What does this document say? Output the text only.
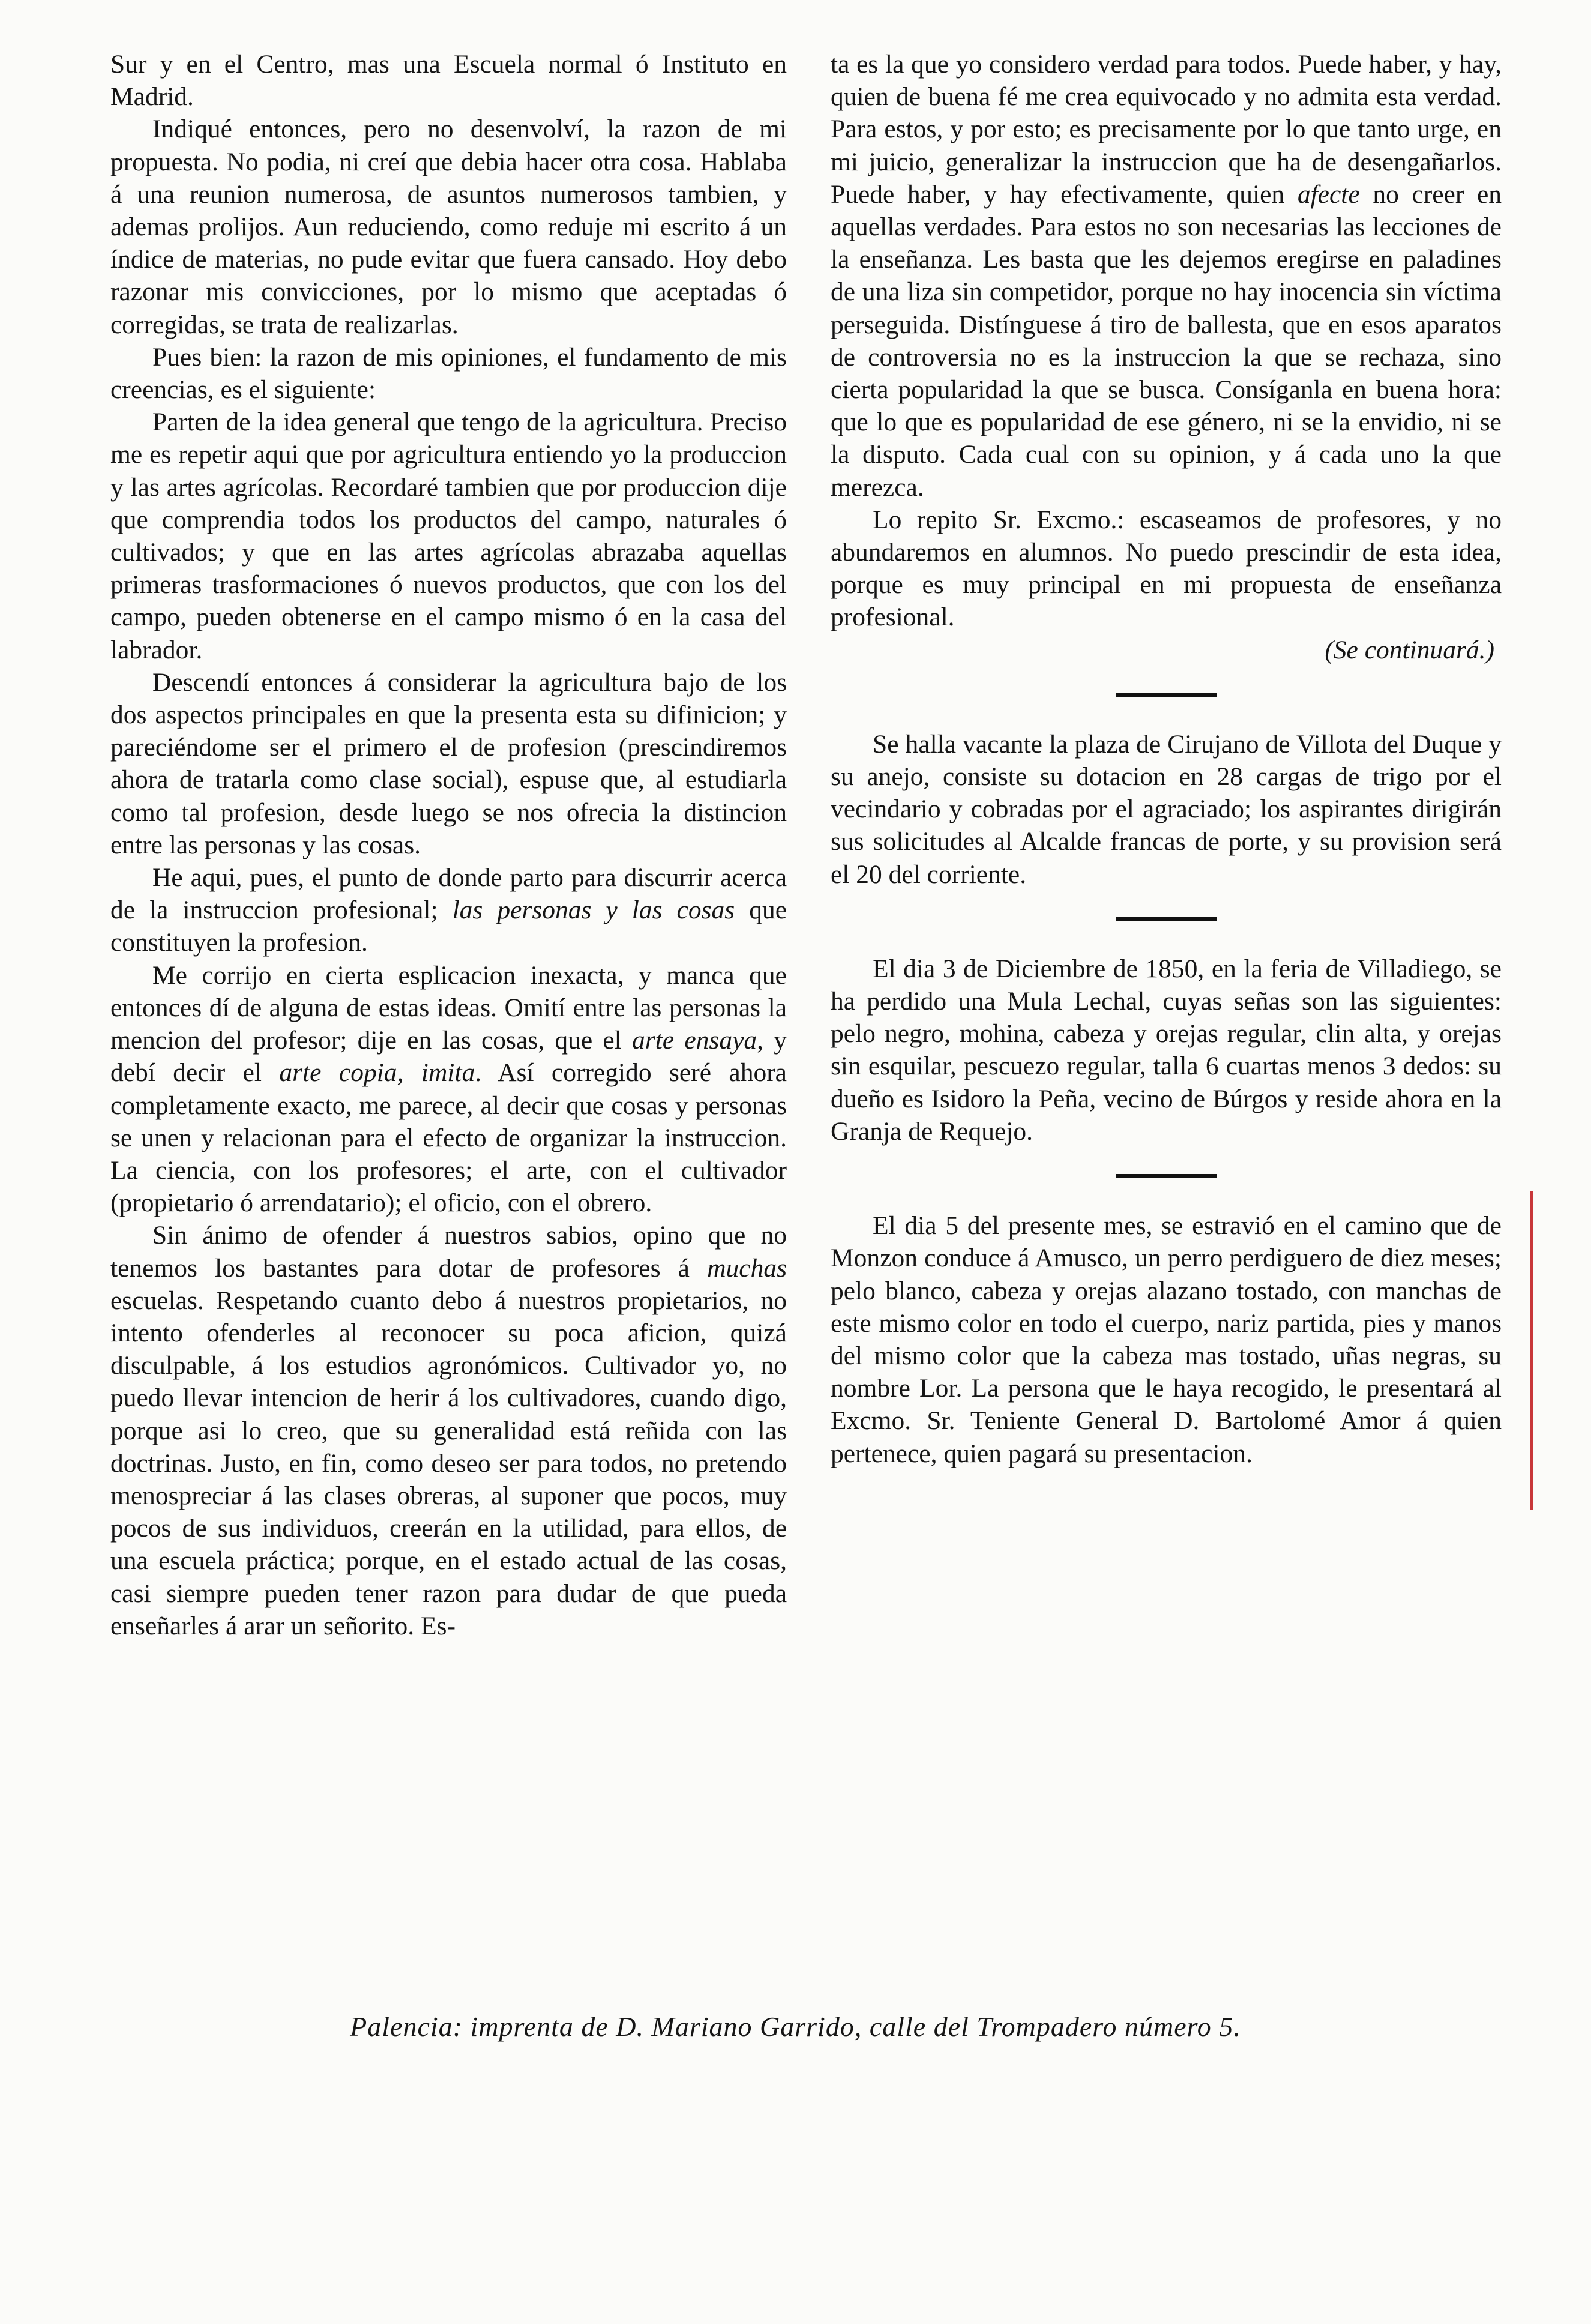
Sur y en el Centro, mas una Escuela normal ó Instituto en Madrid.

Indiqué entonces, pero no desenvolví, la razon de mi propuesta. No podia, ni creí que debia hacer otra cosa. Hablaba á una reunion numerosa, de asuntos numerosos tambien, y ademas prolijos. Aun reduciendo, como reduje mi escrito á un índice de materias, no pude evitar que fuera cansado. Hoy debo razonar mis convicciones, por lo mismo que aceptadas ó corregidas, se trata de realizarlas.

Pues bien: la razon de mis opiniones, el fundamento de mis creencias, es el siguiente:

Parten de la idea general que tengo de la agricultura. Preciso me es repetir aqui que por agricultura entiendo yo la produccion y las artes agrícolas. Recordaré tambien que por produccion dije que comprendia todos los productos del campo, naturales ó cultivados; y que en las artes agrícolas abrazaba aquellas primeras trasformaciones ó nuevos productos, que con los del campo, pueden obtenerse en el campo mismo ó en la casa del labrador.

Descendí entonces á considerar la agricultura bajo de los dos aspectos principales en que la presenta esta su difinicion; y pareciéndome ser el primero el de profesion (prescindiremos ahora de tratarla como clase social), espuse que, al estudiarla como tal profesion, desde luego se nos ofrecia la distincion entre las personas y las cosas.

He aqui, pues, el punto de donde parto para discurrir acerca de la instruccion profesional; las personas y las cosas que constituyen la profesion.

Me corrijo en cierta esplicacion inexacta, y manca que entonces dí de alguna de estas ideas. Omití entre las personas la mencion del profesor; dije en las cosas, que el arte ensaya, y debí decir el arte copia, imita. Así corregido seré ahora completamente exacto, me parece, al decir que cosas y personas se unen y relacionan para el efecto de organizar la instruccion. La ciencia, con los profesores; el arte, con el cultivador (propietario ó arrendatario); el oficio, con el obrero.

Sin ánimo de ofender á nuestros sabios, opino que no tenemos los bastantes para dotar de profesores á muchas escuelas. Respetando cuanto debo á nuestros propietarios, no intento ofenderles al reconocer su poca aficion, quizá disculpable, á los estudios agronómicos. Cultivador yo, no puedo llevar intencion de herir á los cultivadores, cuando digo, porque asi lo creo, que su generalidad está reñida con las doctrinas. Justo, en fin, como deseo ser para todos, no pretendo menospreciar á las clases obreras, al suponer que pocos, muy pocos de sus individuos, creerán en la utilidad, para ellos, de una escuela práctica; porque, en el estado actual de las cosas, casi siempre pueden tener razon para dudar de que pueda enseñarles á arar un señorito. Es-

ta es la que yo considero verdad para todos. Puede haber, y hay, quien de buena fé me crea equivocado y no admita esta verdad. Para estos, y por esto; es precisamente por lo que tanto urge, en mi juicio, generalizar la instruccion que ha de desengañarlos. Puede haber, y hay efectivamente, quien afecte no creer en aquellas verdades. Para estos no son necesarias las lecciones de la enseñanza. Les basta que les dejemos eregirse en paladines de una liza sin competidor, porque no hay inocencia sin víctima perseguida. Distínguese á tiro de ballesta, que en esos aparatos de controversia no es la instruccion la que se rechaza, sino cierta popularidad la que se busca. Consíganla en buena hora: que lo que es popularidad de ese género, ni se la envidio, ni se la disputo. Cada cual con su opinion, y á cada uno la que merezca.

Lo repito Sr. Excmo.: escaseamos de profesores, y no abundaremos en alumnos. No puedo prescindir de esta idea, porque es muy principal en mi propuesta de enseñanza profesional.

(Se continuará.)

Se halla vacante la plaza de Cirujano de Villota del Duque y su anejo, consiste su dotacion en 28 cargas de trigo por el vecindario y cobradas por el agraciado; los aspirantes dirigirán sus solicitudes al Alcalde francas de porte, y su provision será el 20 del corriente.

El dia 3 de Diciembre de 1850, en la feria de Villadiego, se ha perdido una Mula Lechal, cuyas señas son las siguientes: pelo negro, mohina, cabeza y orejas regular, clin alta, y orejas sin esquilar, pescuezo regular, talla 6 cuartas menos 3 dedos: su dueño es Isidoro la Peña, vecino de Búrgos y reside ahora en la Granja de Requejo.

El dia 5 del presente mes, se estravió en el camino que de Monzon conduce á Amusco, un perro perdiguero de diez meses; pelo blanco, cabeza y orejas alazano tostado, con manchas de este mismo color en todo el cuerpo, nariz partida, pies y manos del mismo color que la cabeza mas tostado, uñas negras, su nombre Lor. La persona que le haya recogido, le presentará al Excmo. Sr. Teniente General D. Bartolomé Amor á quien pertenece, quien pagará su presentacion.

Palencia: imprenta de D. Mariano Garrido, calle del Trompadero número 5.
